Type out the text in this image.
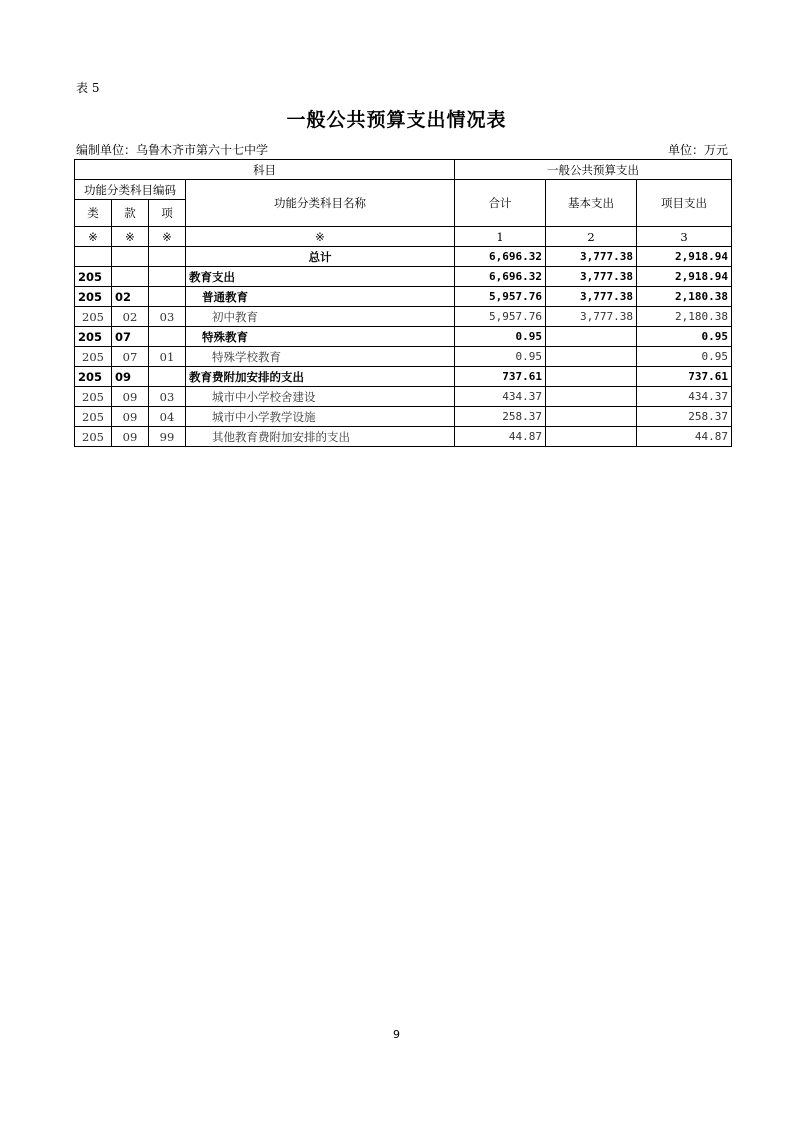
表 5
一般公共预算支出情况表
编制单位：乌鲁木齐市第六十七中学	单位：万元
科目				一般公共预算支出		
功能分类科目编码			功能分类科目名称	合计	基本支出	项目支出
类	款	项				
※	※	※	※	1	2	3
			总计	6,696.32	3,777.38	2,918.94
205			教育支出	6,696.32	3,777.38	2,918.94
205	02		普通教育	5,957.76	3,777.38	2,180.38
205	02	03	初中教育	5,957.76	3,777.38	2,180.38
205	07		特殊教育	0.95		0.95
205	07	01	特殊学校教育	0.95		0.95
205	09		教育费附加安排的支出	737.61		737.61
205	09	03	城市中小学校舍建设	434.37		434.37
205	09	04	城市中小学教学设施	258.37		258.37
205	09	99	其他教育费附加安排的支出	44.87		44.87
9
